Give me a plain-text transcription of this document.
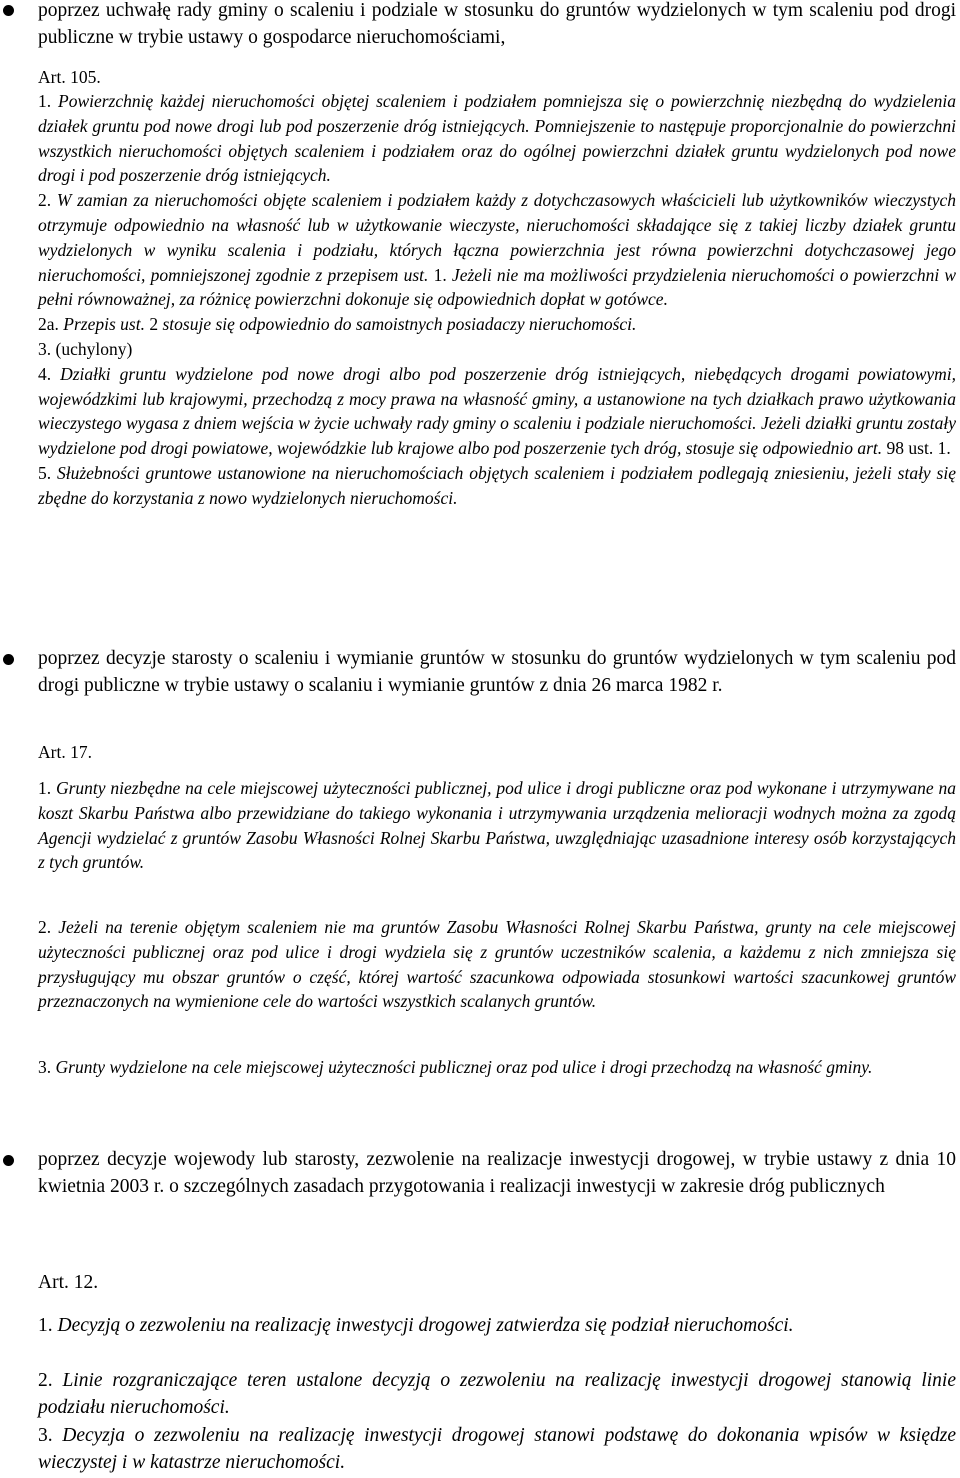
poprzez uchwałę rady gminy o scaleniu i podziale w stosunku do gruntów wydzielonych w tym scaleniu pod drogi publiczne w trybie ustawy o gospodarce nieruchomościami,

Art. 105.

1. Powierzchnię każdej nieruchomości objętej scaleniem i podziałem pomniejsza się o powierzchnię niezbędną do wydzielenia działek gruntu pod nowe drogi lub pod poszerzenie dróg istniejących. Pomniejszenie to następuje proporcjonalnie do powierzchni wszystkich nieruchomości objętych scaleniem i podziałem oraz do ogólnej powierzchni działek gruntu wydzielonych pod nowe drogi i pod poszerzenie dróg istniejących.
2. W zamian za nieruchomości objęte scaleniem i podziałem każdy z dotychczasowych właścicieli lub użytkowników wieczystych otrzymuje odpowiednio na własność lub w użytkowanie wieczyste, nieruchomości składające się z takiej liczby działek gruntu wydzielonych w wyniku scalenia i podziału, których łączna powierzchnia jest równa powierzchni dotychczasowej jego nieruchomości, pomniejszonej zgodnie z przepisem ust. 1. Jeżeli nie ma możliwości przydzielenia nieruchomości o powierzchni w pełni równoważnej, za różnicę powierzchni dokonuje się odpowiednich dopłat w gotówce.
2a. Przepis ust. 2 stosuje się odpowiednio do samoistnych posiadaczy nieruchomości.
3. (uchylony)
4. Działki gruntu wydzielone pod nowe drogi albo pod poszerzenie dróg istniejących, niebędących drogami powiatowymi, wojewódzkimi lub krajowymi, przechodzą z mocy prawa na własność gminy, a ustanowione na tych działkach prawo użytkowania wieczystego wygasa z dniem wejścia w życie uchwały rady gminy o scaleniu i podziale nieruchomości. Jeżeli działki gruntu zostały wydzielone pod drogi powiatowe, wojewódzkie lub krajowe albo pod poszerzenie tych dróg, stosuje się odpowiednio art. 98 ust. 1.
5. Służebności gruntowe ustanowione na nieruchomościach objętych scaleniem i podziałem podlegają zniesieniu, jeżeli stały się zbędne do korzystania z nowo wydzielonych nieruchomości.

poprzez decyzje starosty o scaleniu i wymianie gruntów w stosunku do gruntów wydzielonych w tym scaleniu pod drogi publiczne w trybie ustawy o scalaniu i wymianie gruntów z dnia 26 marca 1982 r.

Art. 17.

1. Grunty niezbędne na cele miejscowej użyteczności publicznej, pod ulice i drogi publiczne oraz pod wykonane i utrzymywane na koszt Skarbu Państwa albo przewidziane do takiego wykonania i utrzymywania urządzenia melioracji wodnych można za zgodą Agencji wydzielać z gruntów Zasobu Własności Rolnej Skarbu Państwa, uwzględniając uzasadnione interesy osób korzystających z tych gruntów.

2. Jeżeli na terenie objętym scaleniem nie ma gruntów Zasobu Własności Rolnej Skarbu Państwa, grunty na cele miejscowej użyteczności publicznej oraz pod ulice i drogi wydziela się z gruntów uczestników scalenia, a każdemu z nich zmniejsza się przysługujący mu obszar gruntów o część, której wartość szacunkowa odpowiada stosunkowi wartości szacunkowej gruntów przeznaczonych na wymienione cele do wartości wszystkich scalanych gruntów.

3. Grunty wydzielone na cele miejscowej użyteczności publicznej oraz pod ulice i drogi przechodzą na własność gminy.

poprzez decyzje wojewody lub starosty, zezwolenie na realizacje inwestycji drogowej, w trybie ustawy z dnia 10 kwietnia 2003 r. o szczególnych zasadach przygotowania i realizacji inwestycji w zakresie dróg publicznych

Art. 12.

1. Decyzją o zezwoleniu na realizację inwestycji drogowej zatwierdza się podział nieruchomości.

2. Linie rozgraniczające teren ustalone decyzją o zezwoleniu na realizację inwestycji drogowej stanowią linie podziału nieruchomości.

3. Decyzja o zezwoleniu na realizację inwestycji drogowej stanowi podstawę do dokonania wpisów w księdze wieczystej i w katastrze nieruchomości.
